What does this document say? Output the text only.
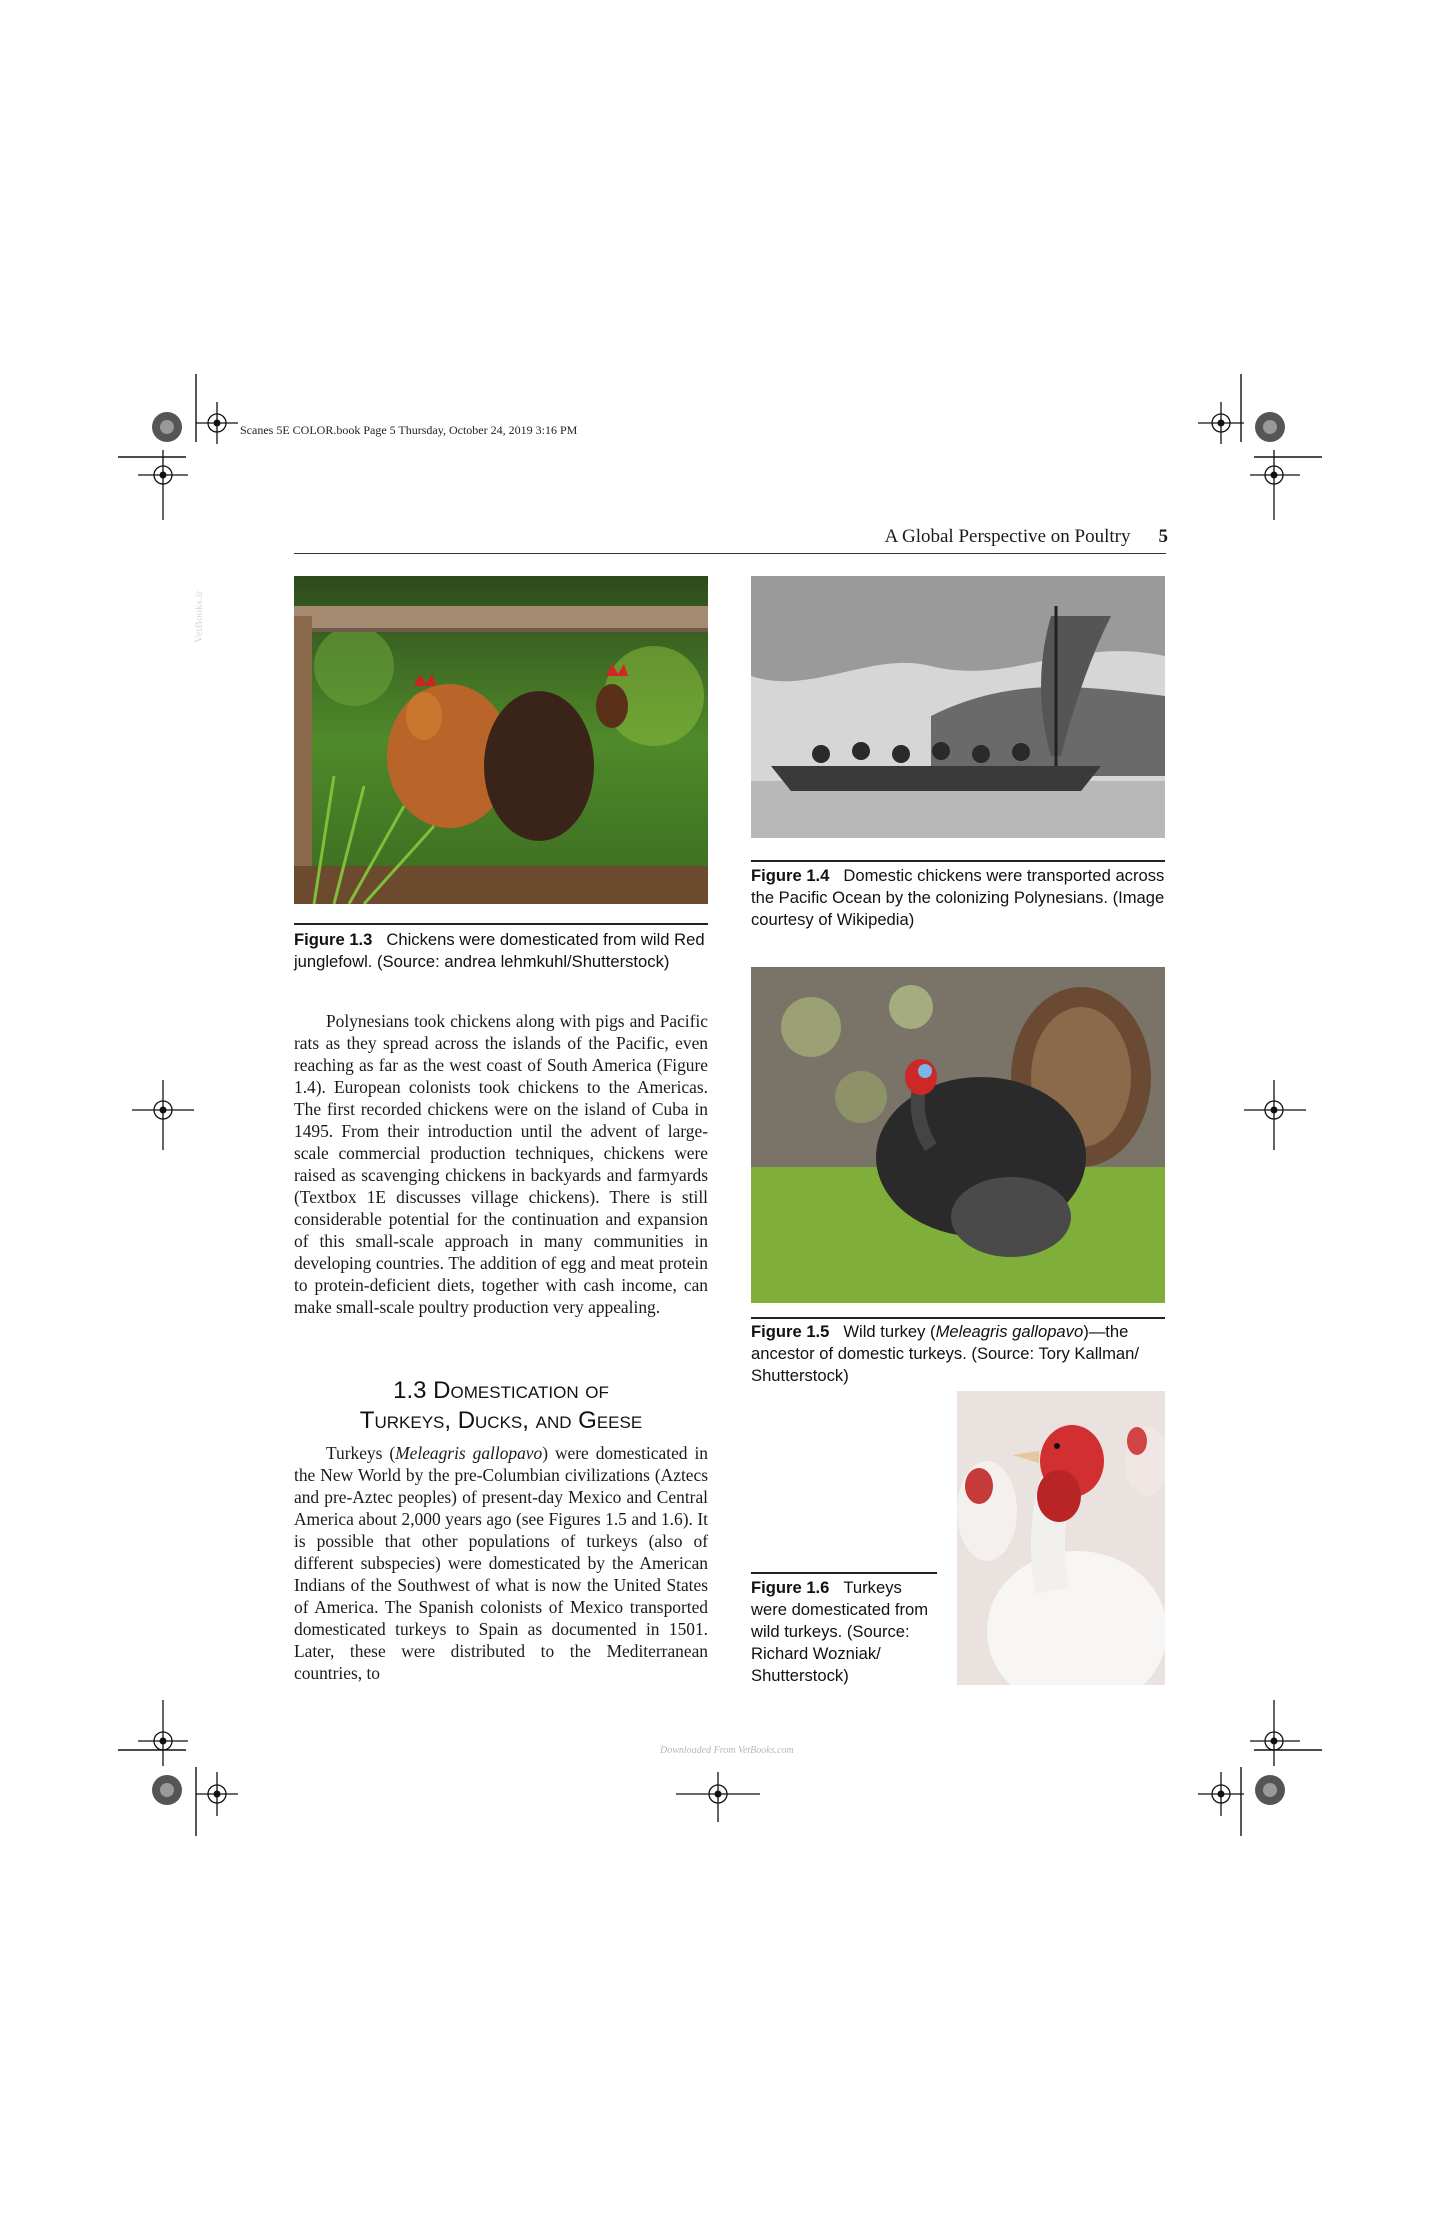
Scanes 5E COLOR.book Page 5 Thursday, October 24, 2019 3:16 PM
A Global Perspective on Poultry 5
VetBooks.ir
Figure 1.3 Chickens were domesticated from wild Red junglefowl. (Source: andrea lehmkuhl/Shutterstock)
Figure 1.4 Domestic chickens were transported across the Pacific Ocean by the colonizing Polynesians. (Image courtesy of Wikipedia)

Polynesians took chickens along with pigs and Pacific rats as they spread across the islands of the Pacific, even reaching as far as the west coast of South America (Figure 1.4). European colonists took chickens to the Americas. The first recorded chickens were on the island of Cuba in 1495. From their introduction until the advent of large-scale commercial production techniques, chickens were raised as scavenging chickens in backyards and farmyards (Textbox 1E discusses village chickens). There is still considerable potential for the continuation and expansion of this small-scale approach in many communities in developing countries. The addition of egg and meat protein to protein-deficient diets, together with cash income, can make small-scale poultry production very appealing.

1.3 Domestication of
Turkeys, Ducks, and Geese

Turkeys (Meleagris gallopavo) were domesticated in the New World by the pre-Columbian civilizations (Aztecs and pre-Aztec peoples) of present-day Mexico and Central America about 2,000 years ago (see Figures 1.5 and 1.6). It is possible that other populations of turkeys (also of different subspecies) were domesticated by the American Indians of the Southwest of what is now the United States of America. The Spanish colonists of Mexico transported domesticated turkeys to Spain as documented in 1501. Later, these were distributed to the Mediterranean countries, to

Figure 1.5 Wild turkey (Meleagris gallopavo)—the ancestor of domestic turkeys. (Source: Tory Kallman/ Shutterstock)
Figure 1.6 Turkeys were domesticated from wild turkeys. (Source: Richard Wozniak/ Shutterstock)
Downloaded From VetBooks.com
